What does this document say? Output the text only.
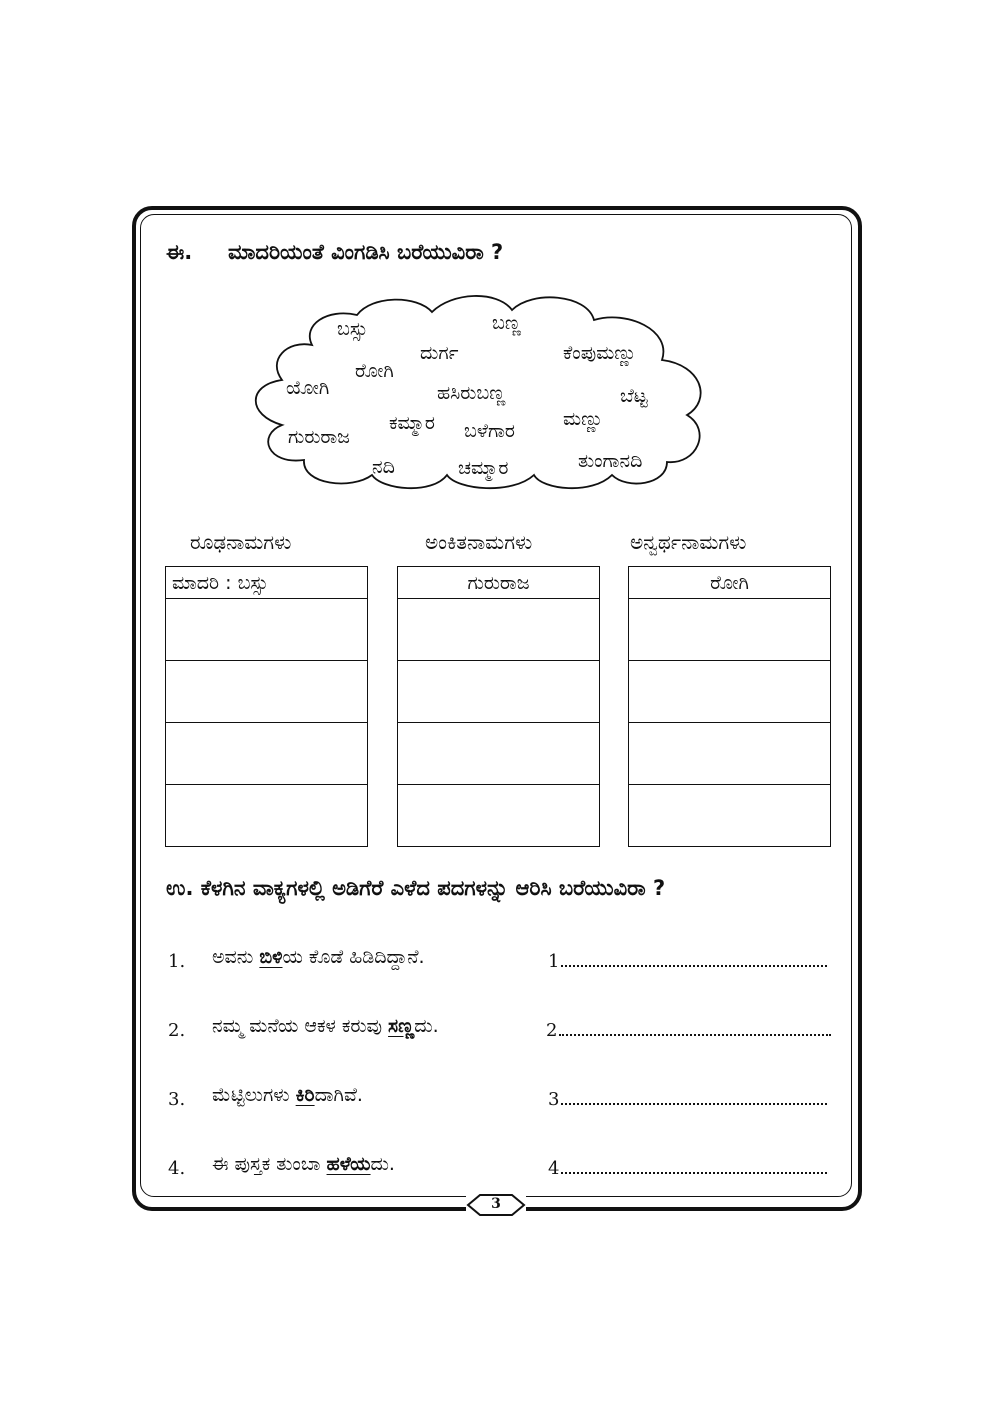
ಈ. ಮಾದರಿಯಂತೆ ವಿಂಗಡಿಸಿ ಬರೆಯುವಿರಾ ?
ಬಸ್ಸು	ಬಣ್ಣ
ದುರ್ಗ	ಕೆಂಪುಮಣ್ಣು
ರೋಗಿ
ಯೋಗಿ	ಹಸಿರುಬಣ್ಣ	ಬೆಟ್ಟ
ಮಣ್ಣು
ಕಮ್ಮಾರ
ಗುರುರಾಜ	ಬಳೆಗಾರ
ತುಂಗಾನದಿ
ನದಿ	ಚಮ್ಮಾರ
ರೂಢನಾಮಗಳು	ಅಂಕಿತನಾಮಗಳು	ಅನ್ವರ್ಥನಾಮಗಳು
ಮಾದರಿ : ಬಸ್ಸು	ಗುರುರಾಜ	ರೋಗಿ

ಉ. ಕೆಳಗಿನ ವಾಕ್ಯಗಳಲ್ಲಿ ಅಡಿಗೆರೆ ಎಳೆದ ಪದಗಳನ್ನು ಆರಿಸಿ ಬರೆಯುವಿರಾ ?
1. ಅವನು ಬಿಳಿಯ ಕೊಡೆ ಹಿಡಿದಿದ್ದಾನೆ.	1
2. ನಮ್ಮ ಮನೆಯ ಆಕಳ ಕರುವು ಸಣ್ಣದು.	2
3. ಮೆಟ್ಟಿಲುಗಳು ಕಿರಿದಾಗಿವೆ.	3
4. ಈ ಪುಸ್ತಕ ತುಂಬಾ ಹಳೆಯದು.	4
3
